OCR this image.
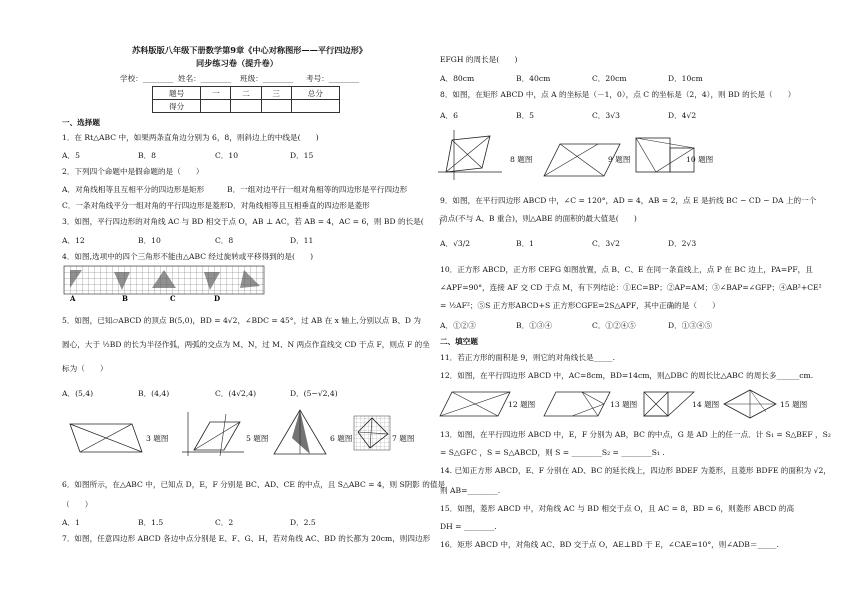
苏科版版八年级下册数学第9章《中心对称图形——平行四边形》
同步练习卷（提升卷）
学校：________ 姓名：________ 班级：________ 考号：________
题号	一	二	三	总分
得分				
一、选择题
1．在 Rt△ABC 中，如果两条直角边分别为 6，8，则斜边上的中线是(　　)
A．5	B．8	C．10	D．15
2．下列四个命题中是假命题的是（　　）
A．对角线相等且互相平分的四边形是矩形	B．一组对边平行一组对角相等的四边形是平行四边形
C．一条对角线平分一组对角的平行四边形是菱形 D．对角线相等且互相垂直的四边形是菱形
3．如图，平行四边形的对角线 AC 与 BD 相交于点 O，AB ⊥ AC，若 AB = 4，AC = 6，则 BD 的长是(　　)
A．12	B．10	C．8	D．11
4．如图,选项中的四个三角形不能由△ABC 经过旋转或平移得到的是(　　)
A	B	C	D
5．如图，已知▱ABCD 的顶点 B(5,0)，BD = 4√2，∠BDC = 45°，过 AB 在 x 轴上,分别以点 B、D 为
圆心，大于 ½BD 的长为半径作弧，两弧的交点为 M、N，过 M、N 两点作直线交 CD 于点 F，则点 F 的坐
标为（　　）
A．(5,4)	B．(4,4)	C．(4√2,4)	D．(5−√2,4)
3 题图	5 题图	6 题图	7 题图
6．如图所示，在△ABC 中，已知点 D，E，F 分别是 BC、AD、CE 的中点，且 S△ABC = 4，则 S阴影 的值是
（　　）
A．1	B．1.5	C．2	D．2.5
7．如图，任意四边形 ABCD 各边中点分别是 E、F、G、H，若对角线 AC、BD 的长都为 20cm，则四边形
EFGH 的周长是(　　)
A．80cm	B．40cm	C．20cm	D．10cm
8．如图，在矩形 ABCD 中，点 A 的坐标是（－1，0），点 C 的坐标是（2，4），则 BD 的长是（　　）
A．6	B．5	C．3√3	D．4√2
8 题图	9 题图	10 题图
9．如图，在平行四边形 ABCD 中，∠C = 120°，AD = 4，AB = 2，点 E 是折线 BC − CD − DA 上的一个
动点(不与 A、B 重合)，则△ABE 的面积的最大值是(　　)
A．√3/2	B．1	C．3√2	D．2√3
10．正方形 ABCD，正方形 CEFG 如图放置，点 B、C、E 在同一条直线上，点 P 在 BC 边上，PA=PF，且
∠APF=90°，连接 AF 交 CD 于点 M，有下列结论：①EC=BP；②AP=AM；③∠BAP=∠GFP；④AB²+CE²
= ½AF²；⑤S 正方形ABCD+S 正方形CGFE=2S△APF，其中正确的是（　　）
A．①②③	B．①③④	C．①②④⑤	D．①③④⑤
二、填空题
11．若正方形的面积是 9，则它的对角线长是_____.
12．如图，在平行四边形 ABCD 中，AC=8cm，BD=14cm，则△DBC 的周长比△ABC 的周长多______cm.
12 题图	13 题图	14 题图	15 题图
13．如图，在平行四边形 ABCD 中，E，F 分别为 AB，BC 的中点，G 是 AD 上的任一点．计 S₁ = S△BEF ，S₂
= S△GFC ，S = S△ABCD，则 S = ________S₂ = ________S₁ .
14. 已知正方形 ABCD，E、F 分别在 AD、BC 的延长线上，四边形 BDEF 为菱形，且菱形 BDFE 的面积为 √2，
则 AB=________.
15．如图，菱形 ABCD 中，对角线 AC 与 BD 相交于点 O，且 AC = 8，BD = 6，则菱形 ABCD 的高
DH = ________.
16．矩形 ABCD 中，对角线 AC、BD 交于点 O，AE⊥BD 于 E，∠CAE=10°，则∠ADB＝_____.
